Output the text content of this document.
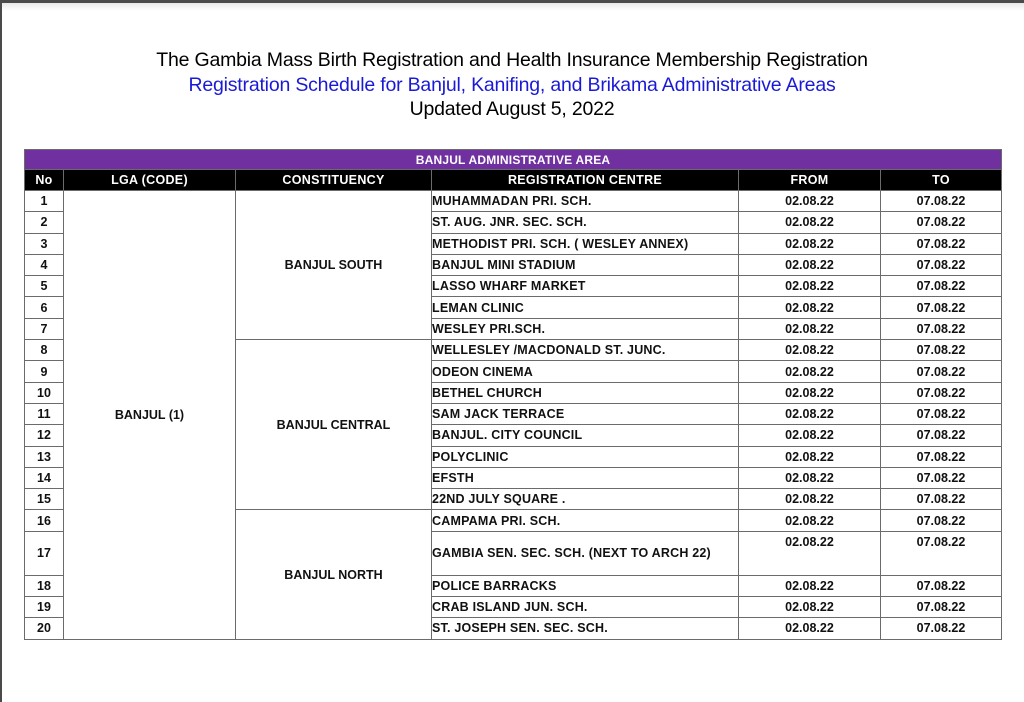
The Gambia Mass Birth Registration and Health Insurance Membership Registration
Registration Schedule for Banjul, Kanifing, and Brikama Administrative Areas
Updated August 5, 2022
BANJUL ADMINISTRATIVE AREA					
No	LGA (CODE)	CONSTITUENCY	REGISTRATION CENTRE	FROM	TO
1	BANJUL (1)	BANJUL SOUTH	MUHAMMADAN PRI. SCH.	02.08.22	07.08.22
2			ST. AUG. JNR. SEC. SCH.	02.08.22	07.08.22
3			METHODIST PRI. SCH. ( WESLEY ANNEX)	02.08.22	07.08.22
4			BANJUL MINI STADIUM	02.08.22	07.08.22
5			LASSO WHARF MARKET	02.08.22	07.08.22
6			LEMAN CLINIC	02.08.22	07.08.22
7			WESLEY PRI.SCH.	02.08.22	07.08.22
8		BANJUL CENTRAL	WELLESLEY /MACDONALD ST. JUNC.	02.08.22	07.08.22
9			ODEON CINEMA	02.08.22	07.08.22
10			BETHEL CHURCH	02.08.22	07.08.22
11			SAM JACK TERRACE	02.08.22	07.08.22
12			BANJUL. CITY COUNCIL	02.08.22	07.08.22
13			POLYCLINIC	02.08.22	07.08.22
14			EFSTH	02.08.22	07.08.22
15			22ND JULY SQUARE .	02.08.22	07.08.22
16		BANJUL NORTH	CAMPAMA PRI. SCH.	02.08.22	07.08.22
17			GAMBIA SEN. SEC. SCH. (NEXT TO ARCH 22)	02.08.22	07.08.22
18			POLICE BARRACKS	02.08.22	07.08.22
19			CRAB ISLAND JUN. SCH.	02.08.22	07.08.22
20			ST. JOSEPH SEN. SEC. SCH.	02.08.22	07.08.22
